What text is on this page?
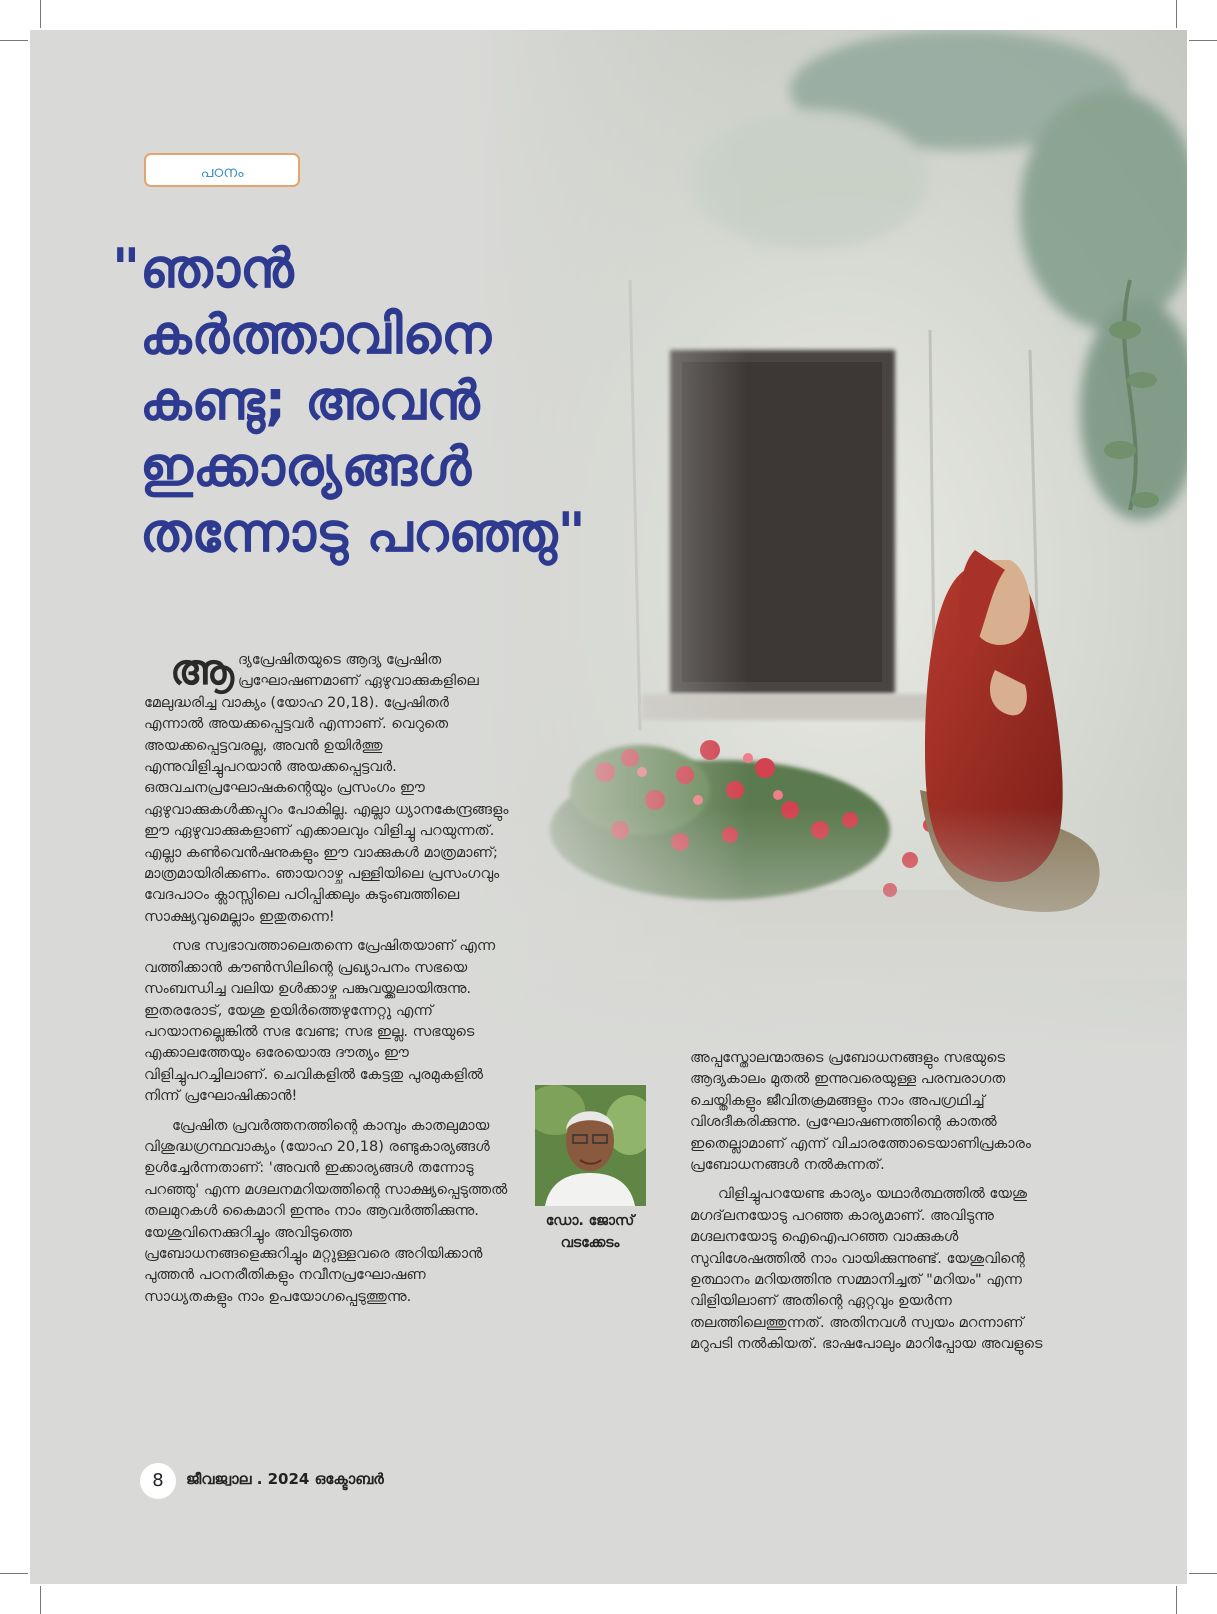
പഠനം
"ഞാൻ
കർത്താവിനെ
കണ്ടു; അവൻ
ഇക്കാര്യങ്ങൾ
തന്നോടു പറഞ്ഞു"

ആദ്യപ്രേഷിതയുടെ ആദ്യ പ്രേഷിത പ്രഘോഷണമാണ് ഏഴുവാക്കുകളിലെ മേലുദ്ധരിച്ച വാക്യം (യോഹ 20,18). പ്രേഷിതർ എന്നാൽ അയക്കപ്പെട്ടവർ എന്നാണ്. വെറുതെ അയക്കപ്പെട്ടവരല്ല, അവൻ ഉയിർത്തു എന്നുവിളിച്ചുപറയാൻ അയക്കപ്പെട്ടവർ. ഒരുവചനപ്രഘോഷകന്റെയും പ്രസംഗം ഈ ഏഴുവാക്കുകൾക്കപ്പുറം പോകില്ല. എല്ലാ ധ്യാനകേന്ദ്രങ്ങളും ഈ ഏഴുവാക്കുകളാണ് എക്കാലവും വിളിച്ചു പറയുന്നത്. എല്ലാ കൺവെൻഷനുകളും ഈ വാക്കുകൾ മാത്രമാണ്; മാത്രമായിരിക്കണം. ഞായറാഴ്ച പള്ളിയിലെ പ്രസംഗവും വേദപാഠം ക്ലാസ്സിലെ പഠിപ്പിക്കലും കുടുംബത്തിലെ സാക്ഷ്യവുമെല്ലാം ഇതുതന്നെ!

സഭ സ്വഭാവത്താലെതന്നെ പ്രേഷിതയാണ് എന്ന വത്തിക്കാൻ കൗൺസിലിന്റെ പ്രഖ്യാപനം സഭയെ സംബന്ധിച്ച വലിയ ഉൾക്കാഴ്ച പങ്കുവയ്ക്കലായിരുന്നു. ഇതരരോട്, യേശു ഉയിർത്തെഴുന്നേറ്റു എന്ന് പറയാനല്ലെങ്കിൽ സഭ വേണ്ട; സഭ ഇല്ല. സഭയുടെ എക്കാലത്തേയും ഒരേയൊരു ദൗത്യം ഈ വിളിച്ചുപറച്ചിലാണ്. ചെവികളിൽ കേട്ടതു പുരമുകളിൽ നിന്ന് പ്രഘോഷിക്കാൻ!

പ്രേഷിത പ്രവർത്തനത്തിന്റെ കാമ്പും കാതലുമായ വിശുദ്ധഗ്രന്ഥവാക്യം (യോഹ 20,18) രണ്ടുകാര്യങ്ങൾ ഉൾച്ചേർന്നതാണ്: 'അവൻ ഇക്കാര്യങ്ങൾ തന്നോടു പറഞ്ഞു' എന്ന മഗ്ദലനമറിയത്തിന്റെ സാക്ഷ്യപ്പെടുത്തൽ തലമുറകൾ കൈമാറി ഇന്നും നാം ആവർത്തിക്കുന്നു. യേശുവിനെക്കുറിച്ചും അവിടുത്തെ പ്രബോധനങ്ങളെക്കുറിച്ചും മറ്റുള്ളവരെ അറിയിക്കാൻ പുത്തൻ പഠനരീതികളും നവീനപ്രഘോഷണ സാധ്യതകളും നാം ഉപയോഗപ്പെടുത്തുന്നു.

ഡോ. ജോസ്
വടക്കേടം

അപ്പസ്തോലന്മാരുടെ പ്രബോധനങ്ങളും സഭയുടെ ആദ്യകാലം മുതൽ ഇന്നുവരെയുള്ള പരമ്പരാഗത ചെയ്തികളും ജീവിതക്രമങ്ങളും നാം അപഗ്രഥിച്ച് വിശദീകരിക്കുന്നു. പ്രഘോഷണത്തിന്റെ കാതൽ ഇതെല്ലാമാണ് എന്ന് വിചാരത്തോടെയാണിപ്രകാരം പ്രബോധനങ്ങൾ നൽകുന്നത്.

വിളിച്ചുപറയേണ്ട കാര്യം യഥാർത്ഥത്തിൽ യേശു മഗദ്‌ലനയോടു പറഞ്ഞ കാര്യമാണ്. അവിടുന്നു മഗ്ദലനയോടു ഐഐപറഞ്ഞ വാക്കുകൾ സുവിശേഷത്തിൽ നാം വായിക്കുന്നുണ്ട്. യേശുവിന്റെ ഉത്ഥാനം മറിയത്തിനു സമ്മാനിച്ചത് "മറിയം" എന്ന വിളിയിലാണ് അതിന്റെ ഏറ്റവും ഉയർന്ന തലത്തിലെത്തുന്നത്. അതിനവൾ സ്വയം മറന്നാണ് മറുപടി നൽകിയത്. ഭാഷപോലും മാറിപ്പോയ അവളുടെ

8	ജീവജ്വാല . 2024 ഒക്ടോബർ
